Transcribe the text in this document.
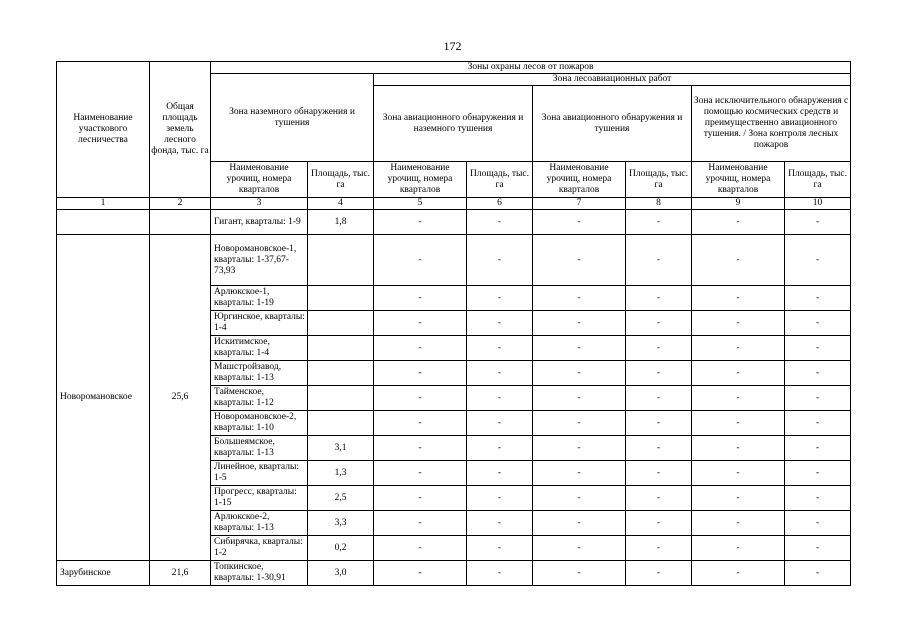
172
Наименование участкового лесничества	Общая площадь земель лесного фонда, тыс. га	Зоны охраны лесов от пожаров							
		Зона наземного обнаружения и тушения		Зона лесоавиационных работ					
				Зона авиационного обнаружения и наземного тушения		Зона авиационного обнаружения и тушения		Зона исключительного обнаружения с помощью космических средств и преимущественно авиационного тушения. / Зона контроля лесных пожаров	
		Наименование урочищ, номера кварталов	Площадь, тыс. га	Наименование урочищ, номера кварталов	Площадь, тыс. га	Наименование урочищ, номера кварталов	Площадь, тыс. га	Наименование урочищ, номера кварталов	Площадь, тыс. га
1	2	3	4	5	6	7	8	9	10
		Гигант, кварталы: 1-9	1,8	-	-	-	-	-	-
Новоромановское	25,6	Новоромановское-1, кварталы: 1-37,67-73,93		-	-	-	-	-	-
		Арлюкское-1, кварталы: 1-19		-	-	-	-	-	-
		Юргинское, кварталы: 1-4		-	-	-	-	-	-
		Искитимское, кварталы: 1-4		-	-	-	-	-	-
		Машстройзавод, кварталы: 1-13		-	-	-	-	-	-
		Тайменское, кварталы: 1-12		-	-	-	-	-	-
		Новоромановское-2, кварталы: 1-10		-	-	-	-	-	-
		Большеямское, кварталы: 1-13	3,1	-	-	-	-	-	-
		Линейное, кварталы: 1-5	1,3	-	-	-	-	-	-
		Прогресс, кварталы: 1-15	2,5	-	-	-	-	-	-
		Арлюкское-2, кварталы: 1-13	3,3	-	-	-	-	-	-
		Сибирячка, кварталы: 1-2	0,2	-	-	-	-	-	-
Зарубинское	21,6	Топкинское, кварталы: 1-30,91	3,0	-	-	-	-	-	-
